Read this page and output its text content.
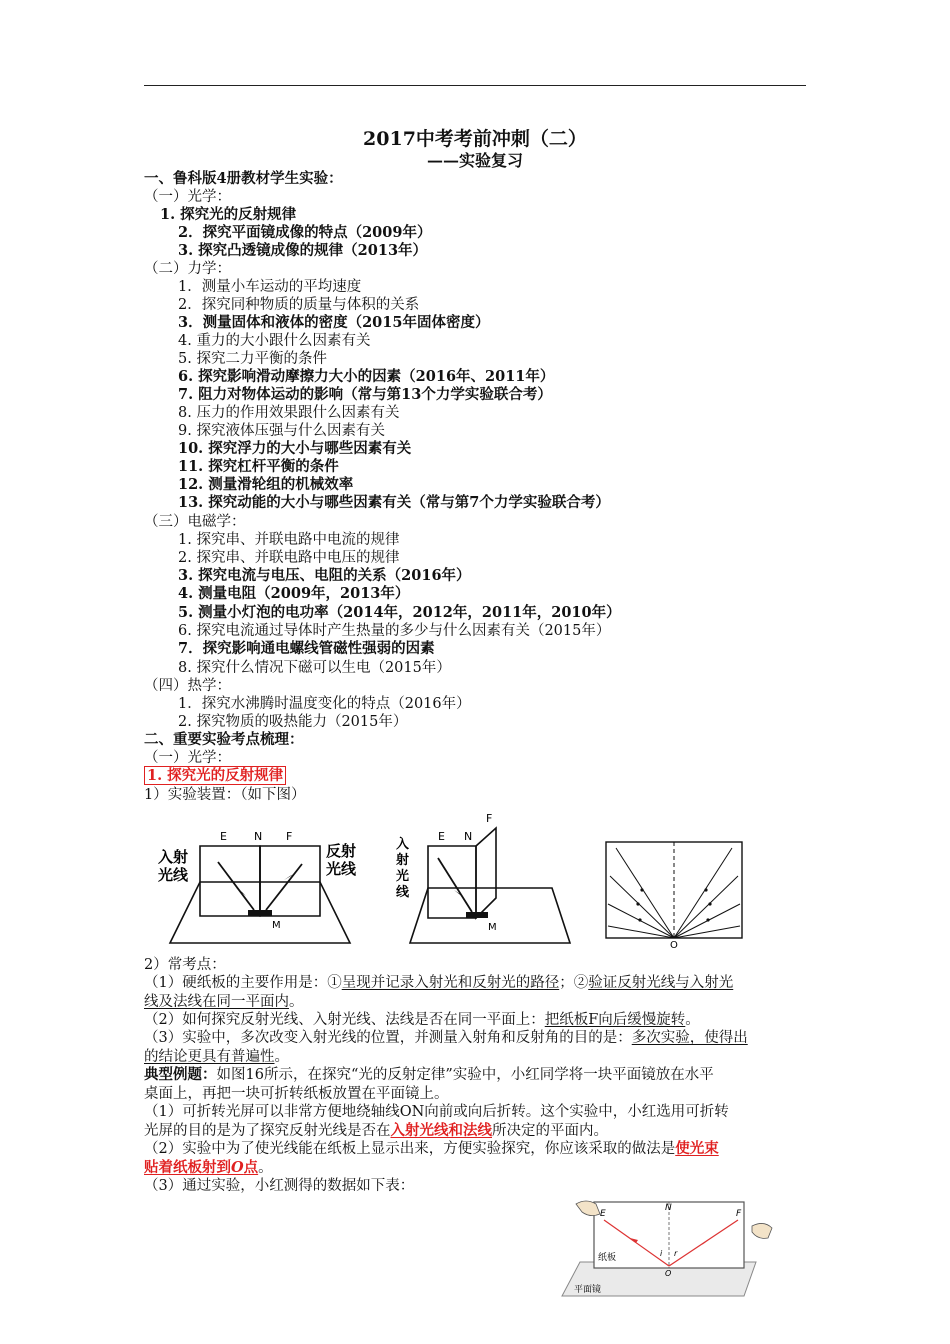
2017中考考前冲刺（二）
——实验复习
一、鲁科版4册教材学生实验：
（一）光学：
1. 探究光的反射规律
2．探究平面镜成像的特点（2009年）
3. 探究凸透镜成像的规律（2013年）
（二）力学：
1．测量小车运动的平均速度
2．探究同种物质的质量与体积的关系
3．测量固体和液体的密度（2015年固体密度）
4. 重力的大小跟什么因素有关
5. 探究二力平衡的条件
6. 探究影响滑动摩擦力大小的因素（2016年、2011年）
7. 阻力对物体运动的影响（常与第13个力学实验联合考）
8. 压力的作用效果跟什么因素有关
9. 探究液体压强与什么因素有关
10. 探究浮力的大小与哪些因素有关
11. 探究杠杆平衡的条件
12. 测量滑轮组的机械效率
13. 探究动能的大小与哪些因素有关（常与第7个力学实验联合考）
（三）电磁学：
1. 探究串、并联电路中电流的规律
2. 探究串、并联电路中电压的规律
3. 探究电流与电压、电阻的关系（2016年）
4. 测量电阻（2009年，2013年）
5. 测量小灯泡的电功率（2014年，2012年，2011年，2010年）
6. 探究电流通过导体时产生热量的多少与什么因素有关（2015年）
7．探究影响通电螺线管磁性强弱的因素
8. 探究什么情况下磁可以生电（2015年）
（四）热学：
1．探究水沸腾时温度变化的特点（2016年）
2. 探究物质的吸热能力（2015年）
二、重要实验考点梳理：
（一）光学：
1. 探究光的反射规律
1）实验装置：（如下图）
E N F
M
入射
光线
反射
光线
E N
F
M
入
射
光
线
O
2）常考点：
（1）硬纸板的主要作用是：①呈现并记录入射光和反射光的路径；②验证反射光线与入射光
线及法线在同一平面内。
（2）如何探究反射光线、入射光线、法线是否在同一平面上：把纸板F向后缓慢旋转。
（3）实验中，多次改变入射光线的位置，并测量入射角和反射角的目的是：多次实验，使得出
的结论更具有普遍性。
典型例题：如图16所示，在探究“光的反射定律”实验中，小红同学将一块平面镜放在水平
桌面上，再把一块可折转纸板放置在平面镜上。
（1）可折转光屏可以非常方便地绕轴线ON向前或向后折转。这个实验中，小红选用可折转
光屏的目的是为了探究反射光线是否在入射光线和法线所决定的平面内。
（2）实验中为了使光线能在纸板上显示出来，方便实验探究，你应该采取的做法是使光束
贴着纸板射到O点。
（3）通过实验，小红测得的数据如下表：
E
N
F
i r
O
纸板
平面镜
